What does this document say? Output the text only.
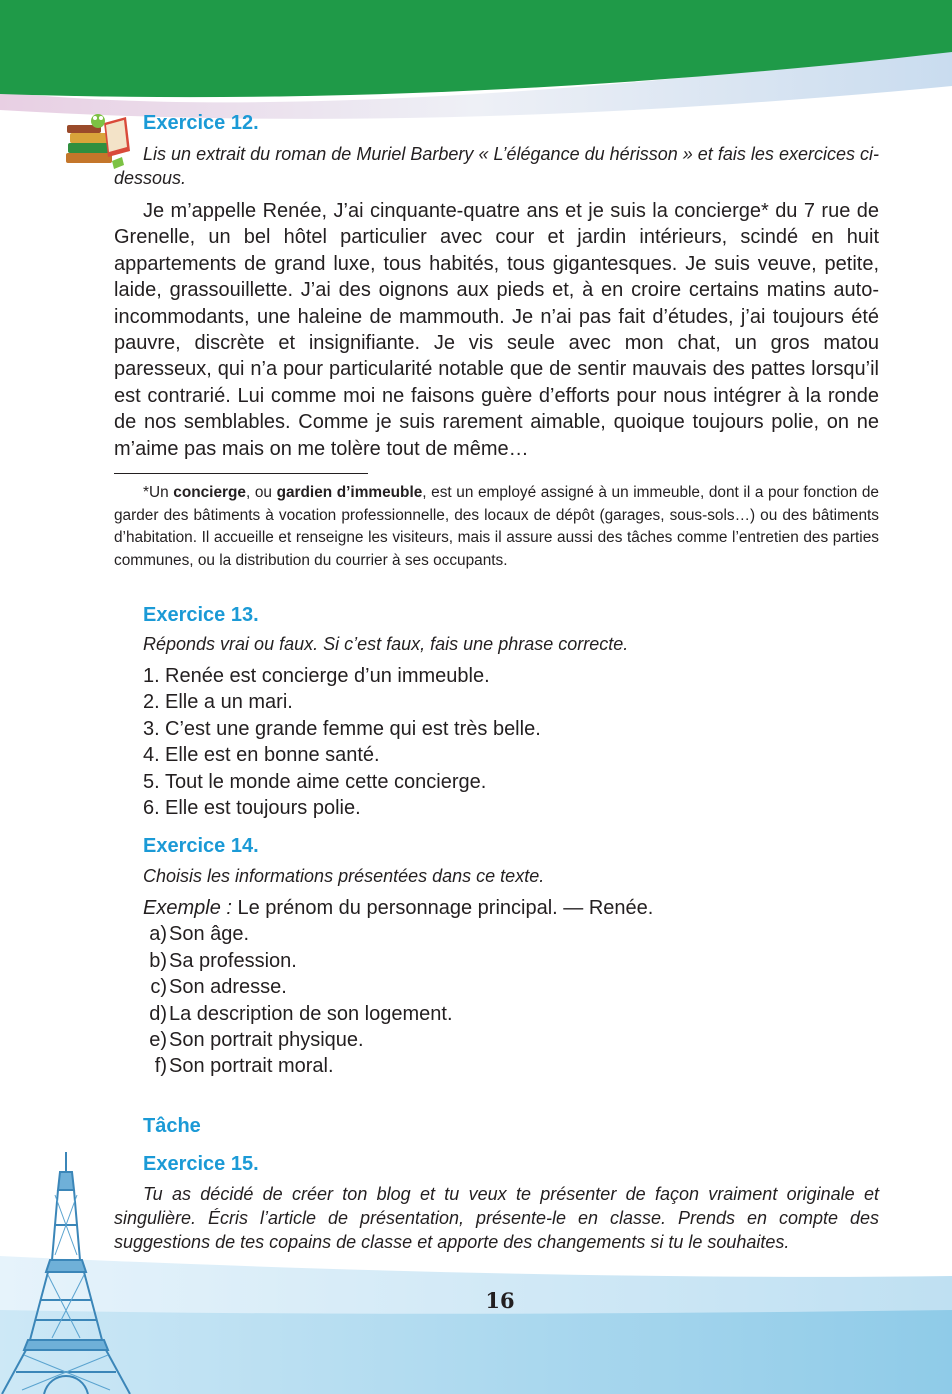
Exercice 12.

Lis un extrait du roman de Muriel Barbery « L’élégance du hérisson » et fais les exercices ci-dessous.

Je m’appelle Renée, J’ai cinquante-quatre ans et je suis la concierge* du 7 rue de Grenelle, un bel hôtel particulier avec cour et jardin intérieurs, scindé en huit appartements de grand luxe, tous habités, tous gigantesques. Je suis veuve, petite, laide, grassouillette. J’ai des oignons aux pieds et, à en croire certains matins auto-incommodants, une haleine de mammouth. Je n’ai pas fait d’études, j’ai toujours été pauvre, discrète et insignifiante. Je vis seule avec mon chat, un gros matou paresseux, qui n’a pour particularité notable que de sentir mauvais des pattes lorsqu’il est contrarié. Lui comme moi ne faisons guère d’efforts pour nous intégrer à la ronde de nos semblables. Comme je suis rarement aimable, quoique toujours polie, on ne m’aime pas mais on me tolère tout de même…

*Un concierge, ou gardien d’immeuble, est un employé assigné à un immeuble, dont il a pour fonction de garder des bâtiments à vocation professionnelle, des locaux de dépôt (garages, sous-sols…) ou des bâtiments d’habitation. Il accueille et renseigne les visiteurs, mais il assure aussi des tâches comme l’entretien des parties communes, ou la distribution du courrier à ses occupants.

Exercice 13.

Réponds vrai ou faux. Si c’est faux, fais une phrase correcte.

1. Renée est concierge d’un immeuble.
2. Elle a un mari.
3. C’est une grande femme qui est très belle.
4. Elle est en bonne santé.
5. Tout le monde aime cette concierge.
6. Elle est toujours polie.
Exercice 14.

Choisis les informations présentées dans ce texte.

Exemple : Le prénom du personnage principal. — Renée.
a) Son âge.
b) Sa profession.
c) Son adresse.
d) La description de son logement.
e) Son portrait physique.
f) Son portrait moral.
Tâche
Exercice 15.

Tu as décidé de créer ton blog et tu veux te présenter de façon vraiment originale et singulière. Écris l’article de présentation, présente-le en classe. Prends en compte des suggestions de tes copains de classe et apporte des changements si tu le souhaites.

16
